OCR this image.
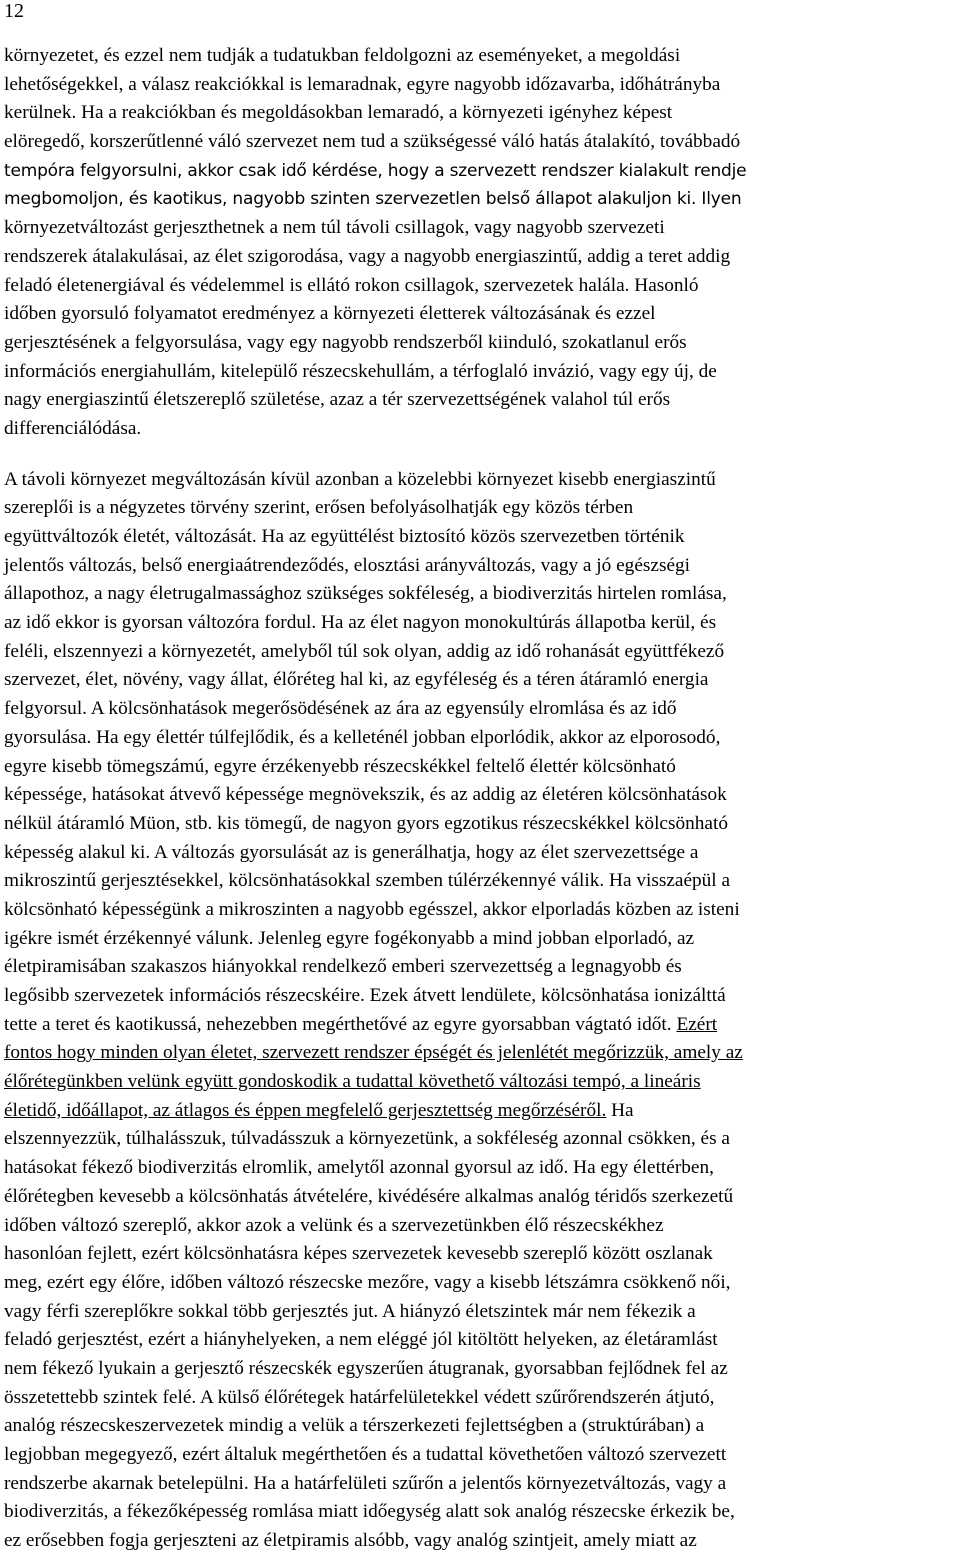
12
környezetet, és ezzel nem tudják a tudatukban feldolgozni az eseményeket, a megoldási
lehetőségekkel, a válasz reakciókkal is lemaradnak, egyre nagyobb időzavarba, időhátrányba
kerülnek. Ha a reakciókban és megoldásokban lemaradó, a környezeti igényhez képest
elöregedő, korszerűtlenné váló szervezet nem tud a szükségessé váló hatás átalakító, továbbadó
tempóra felgyorsulni, akkor csak idő kérdése, hogy a szervezett rendszer kialakult rendje
megbomoljon, és kaotikus, nagyobb szinten szervezetlen belső állapot alakuljon ki. Ilyen
környezetváltozást gerjeszthetnek a nem túl távoli csillagok, vagy nagyobb szervezeti
rendszerek átalakulásai, az élet szigorodása, vagy a nagyobb energiaszintű, addig a teret addig
feladó életenergiával és védelemmel is ellátó rokon csillagok, szervezetek halála. Hasonló
időben gyorsuló folyamatot eredményez a környezeti életterek változásának és ezzel
gerjesztésének a felgyorsulása, vagy egy nagyobb rendszerből kiinduló, szokatlanul erős
információs energiahullám, kitelepülő részecskehullám, a térfoglaló invázió, vagy egy új, de
nagy energiaszintű életszereplő születése, azaz a tér szervezettségének valahol túl erős
differenciálódása.
A távoli környezet megváltozásán kívül azonban a közelebbi környezet kisebb energiaszintű
szereplői is a négyzetes törvény szerint, erősen befolyásolhatják egy közös térben
együttváltozók életét, változását. Ha az együttélést biztosító közös szervezetben történik
jelentős változás, belső energiaátrendeződés, elosztási arányváltozás, vagy a jó egészségi
állapothoz, a nagy életrugalmassághoz szükséges sokféleség, a biodiverzitás hirtelen romlása,
az idő ekkor is gyorsan változóra fordul. Ha az élet nagyon monokultúrás állapotba kerül, és
feléli, elszennyezi a környezetét, amelyből túl sok olyan, addig az idő rohanását együttfékező
szervezet, élet, növény, vagy állat, élőréteg hal ki, az egyféleség és a téren átáramló energia
felgyorsul. A kölcsönhatások megerősödésének az ára az egyensúly elromlása és az idő
gyorsulása. Ha egy élettér túlfejlődik, és a kelleténél jobban elporlódik, akkor az elporosodó,
egyre kisebb tömegszámú, egyre érzékenyebb részecskékkel feltelő élettér kölcsönható
képessége, hatásokat átvevő képessége megnövekszik, és az addig az életéren kölcsönhatások
nélkül átáramló Müon, stb. kis tömegű, de nagyon gyors egzotikus részecskékkel kölcsönható
képesség alakul ki. A változás gyorsulását az is generálhatja, hogy az élet szervezettsége a
mikroszintű gerjesztésekkel, kölcsönhatásokkal szemben túlérzékennyé válik. Ha visszaépül a
kölcsönható képességünk a mikroszinten a nagyobb egésszel, akkor elporladás közben az isteni
igékre ismét érzékennyé válunk. Jelenleg egyre fogékonyabb a mind jobban elporladó, az
életpiramisában szakaszos hiányokkal rendelkező emberi szervezettség a legnagyobb és
legősibb szervezetek információs részecskéire. Ezek átvett lendülete, kölcsönhatása ionizálttá
tette a teret és kaotikussá, nehezebben megérthetővé az egyre gyorsabban vágtató időt. Ezért
fontos hogy minden olyan életet, szervezett rendszer épségét és jelenlétét megőrizzük, amely az
élőrétegünkben velünk együtt gondoskodik a tudattal követhető változási tempó, a lineáris
életidő, időállapot, az átlagos és éppen megfelelő gerjesztettség megőrzéséről. Ha
elszennyezzük, túlhalásszuk, túlvadásszuk a környezetünk, a sokféleség azonnal csökken, és a
hatásokat fékező biodiverzitás elromlik, amelytől azonnal gyorsul az idő. Ha egy élettérben,
élőrétegben kevesebb a kölcsönhatás átvételére, kivédésére alkalmas analóg téridős szerkezetű
időben változó szereplő, akkor azok a velünk és a szervezetünkben élő részecskékhez
hasonlóan fejlett, ezért kölcsönhatásra képes szervezetek kevesebb szereplő között oszlanak
meg, ezért egy élőre, időben változó részecske mezőre, vagy a kisebb létszámra csökkenő női,
vagy férfi szereplőkre sokkal több gerjesztés jut. A hiányzó életszintek már nem fékezik a
feladó gerjesztést, ezért a hiányhelyeken, a nem eléggé jól kitöltött helyeken, az életáramlást
nem fékező lyukain a gerjesztő részecskék egyszerűen átugranak, gyorsabban fejlődnek fel az
összetettebb szintek felé. A külső élőrétegek határfelületekkel védett szűrőrendszerén átjutó,
analóg részecskeszervezetek mindig a velük a térszerkezeti fejlettségben a (struktúrában) a
legjobban megegyező, ezért általuk megérthetően és a tudattal követhetően változó szervezett
rendszerbe akarnak betelepülni. Ha a határfelületi szűrőn a jelentős környezetváltozás, vagy a
biodiverzitás, a fékezőképesség romlása miatt időegység alatt sok analóg részecske érkezik be,
ez erősebben fogja gerjeszteni az életpiramis alsóbb, vagy analóg szintjeit, amely miatt az
